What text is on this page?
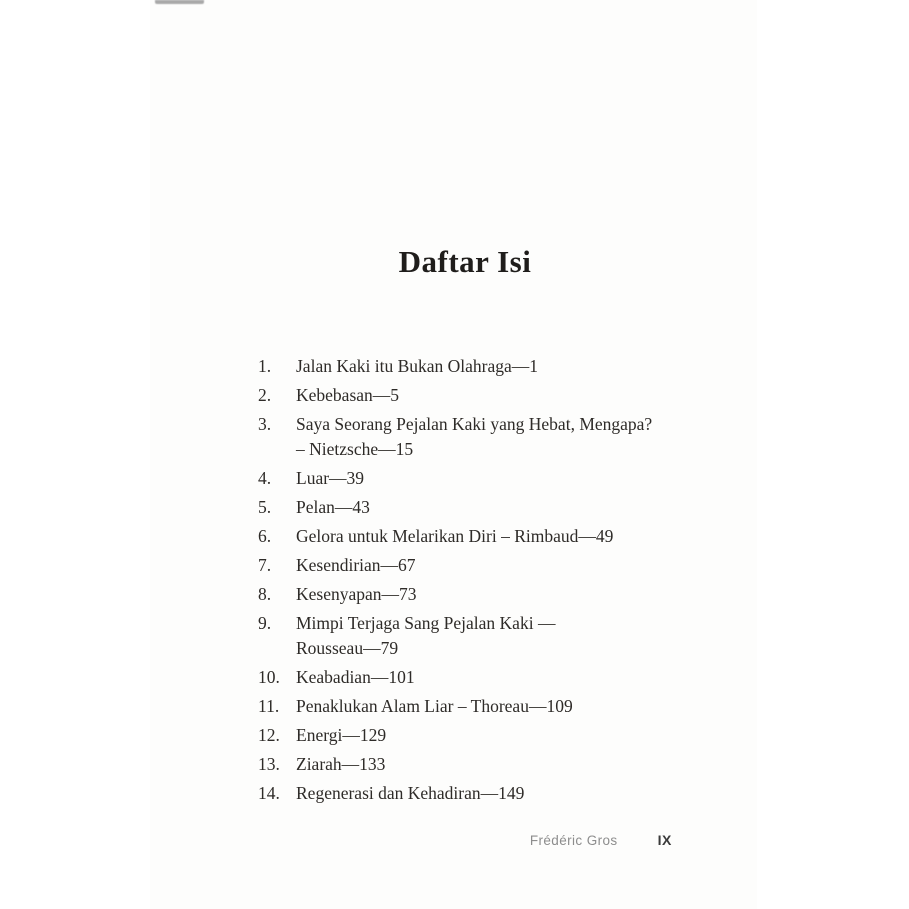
Daftar Isi
1.	Jalan Kaki itu Bukan Olahraga—1
2.	Kebebasan—5
3.	Saya Seorang Pejalan Kaki yang Hebat, Mengapa?
– Nietzsche—15
4.	Luar—39
5.	Pelan—43
6.	Gelora untuk Melarikan Diri – Rimbaud—49
7.	Kesendirian—67
8.	Kesenyapan—73
9.	Mimpi Terjaga Sang Pejalan Kaki —
Rousseau—79
10. Keabadian—101
11. Penaklukan Alam Liar – Thoreau—109
12. Energi—129
13. Ziarah—133
14. Regenerasi dan Kehadiran—149
Frédéric Gros	IX
